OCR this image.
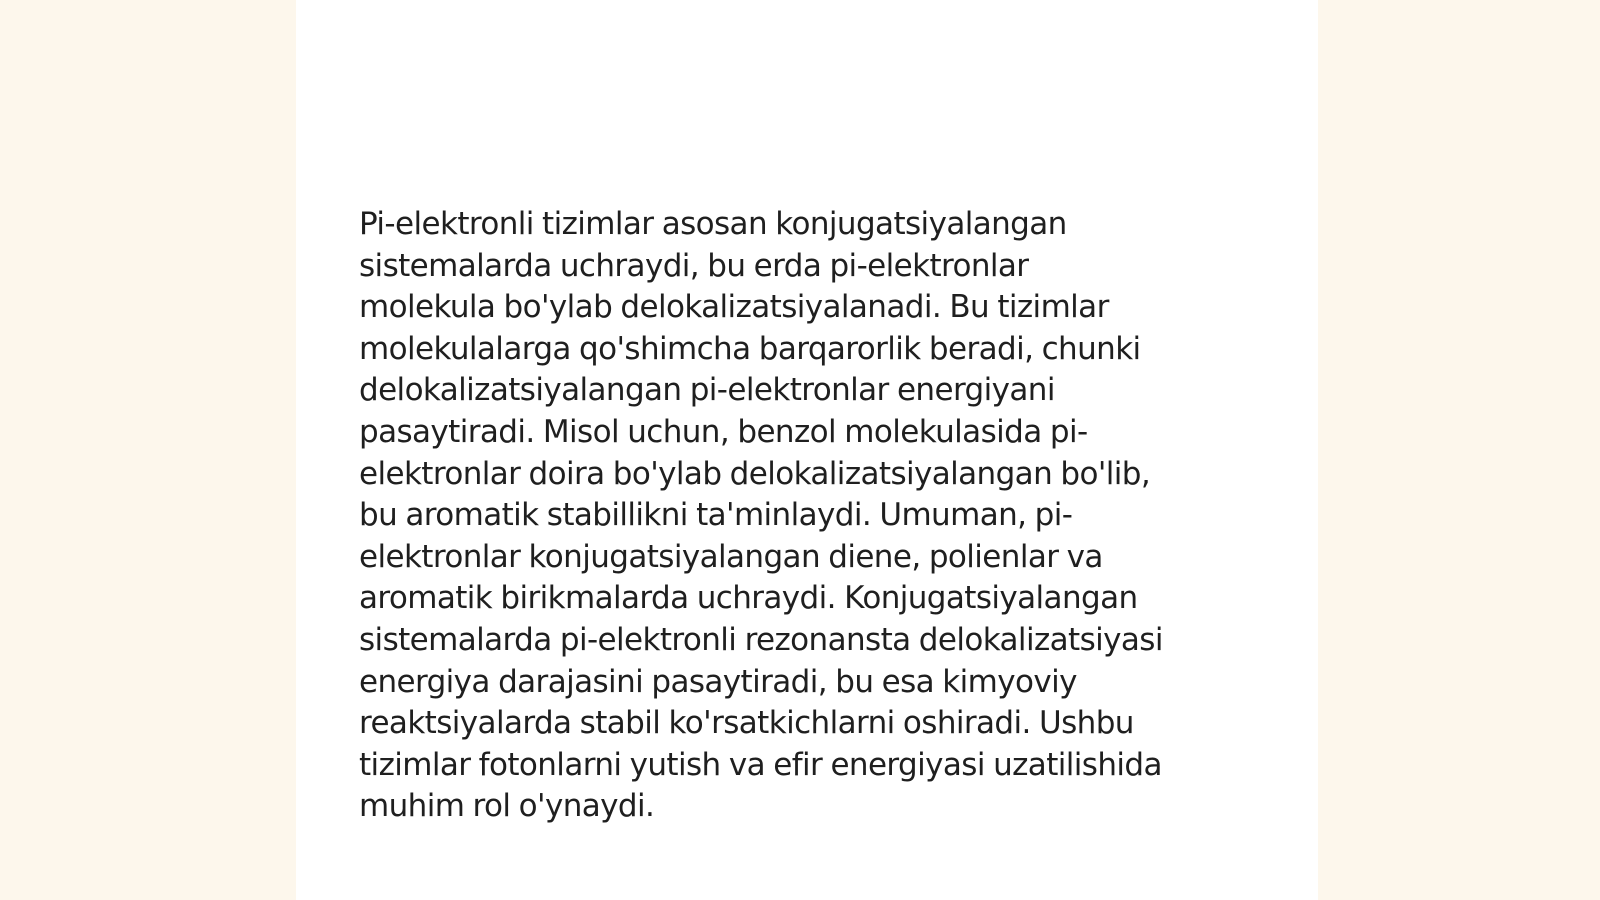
Pi-elektronli tizimlar asosan konjugatsiyalangan
sistemalarda uchraydi, bu erda pi-elektronlar
molekula bo'ylab delokalizatsiyalanadi. Bu tizimlar
molekulalarga qo'shimcha barqarorlik beradi, chunki
delokalizatsiyalangan pi-elektronlar energiyani
pasaytiradi. Misol uchun, benzol molekulasida pi-
elektronlar doira bo'ylab delokalizatsiyalangan bo'lib,
bu aromatik stabillikni ta'minlaydi. Umuman, pi-
elektronlar konjugatsiyalangan diene, polienlar va
aromatik birikmalarda uchraydi. Konjugatsiyalangan
sistemalarda pi-elektronli rezonansta delokalizatsiyasi
energiya darajasini pasaytiradi, bu esa kimyoviy
reaktsiyalarda stabil ko'rsatkichlarni oshiradi. Ushbu
tizimlar fotonlarni yutish va efir energiyasi uzatilishida
muhim rol o'ynaydi.
